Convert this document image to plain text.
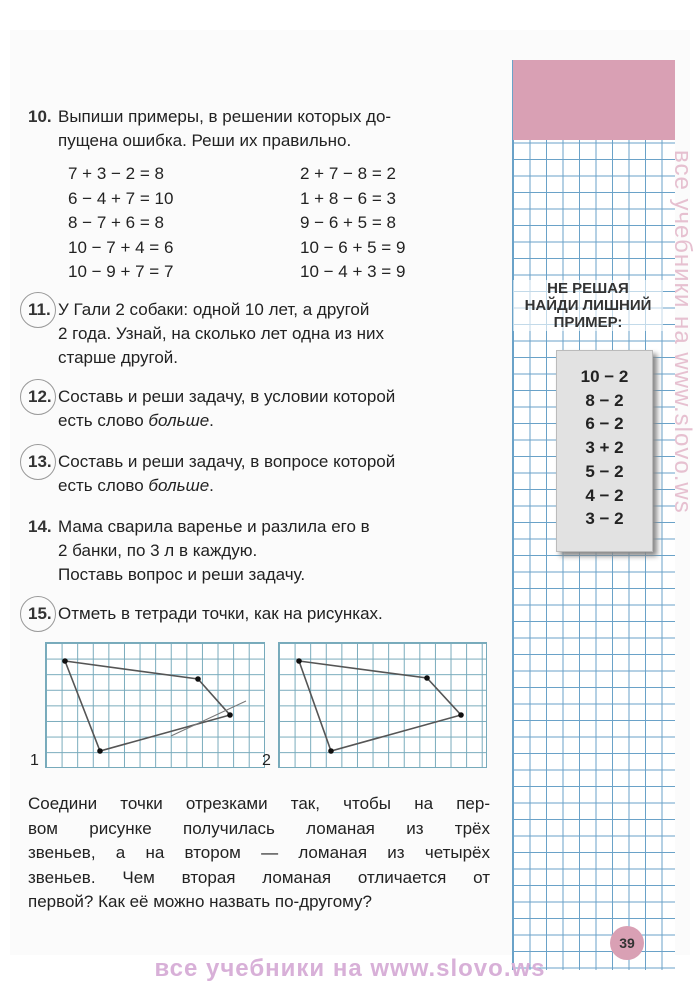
10. Выпиши примеры, в решении которых до-
пущена ошибка. Реши их правильно.
7 + 3 − 2 = 8
6 − 4 + 7 = 10
8 − 7 + 6 = 8
10 − 7 + 4 = 6
10 − 9 + 7 = 7
2 + 7 − 8 = 2
1 + 8 − 6 = 3
9 − 6 + 5 = 8
10 − 6 + 5 = 9
10 − 4 + 3 = 9
11. У Гали 2 собаки: одной 10 лет, а другой
2 года. Узнай, на сколько лет одна из них
старше другой.
12. Составь и реши задачу, в условии которой
есть слово больше.
13. Составь и реши задачу, в вопросе которой
есть слово больше.
14. Мама сварила варенье и разлила его в
2 банки, по 3 л в каждую.
Поставь вопрос и реши задачу.
15. Отметь в тетради точки, как на рисунках.
1	2
Соедини точки отрезками так, чтобы на пер-
вом рисунке получилась ломаная из трёх
звеньев, а на втором — ломаная из четырёх
звеньев. Чем вторая ломаная отличается от
первой? Как её можно назвать по-другому?
НЕ РЕШАЯ
НАЙДИ ЛИШНИЙ
ПРИМЕР:
10 − 2
8 − 2
6 − 2
3 + 2
5 − 2
4 − 2
3 − 2
39
все учебники на www.slovo.ws
все учебники на www.slovo.ws
